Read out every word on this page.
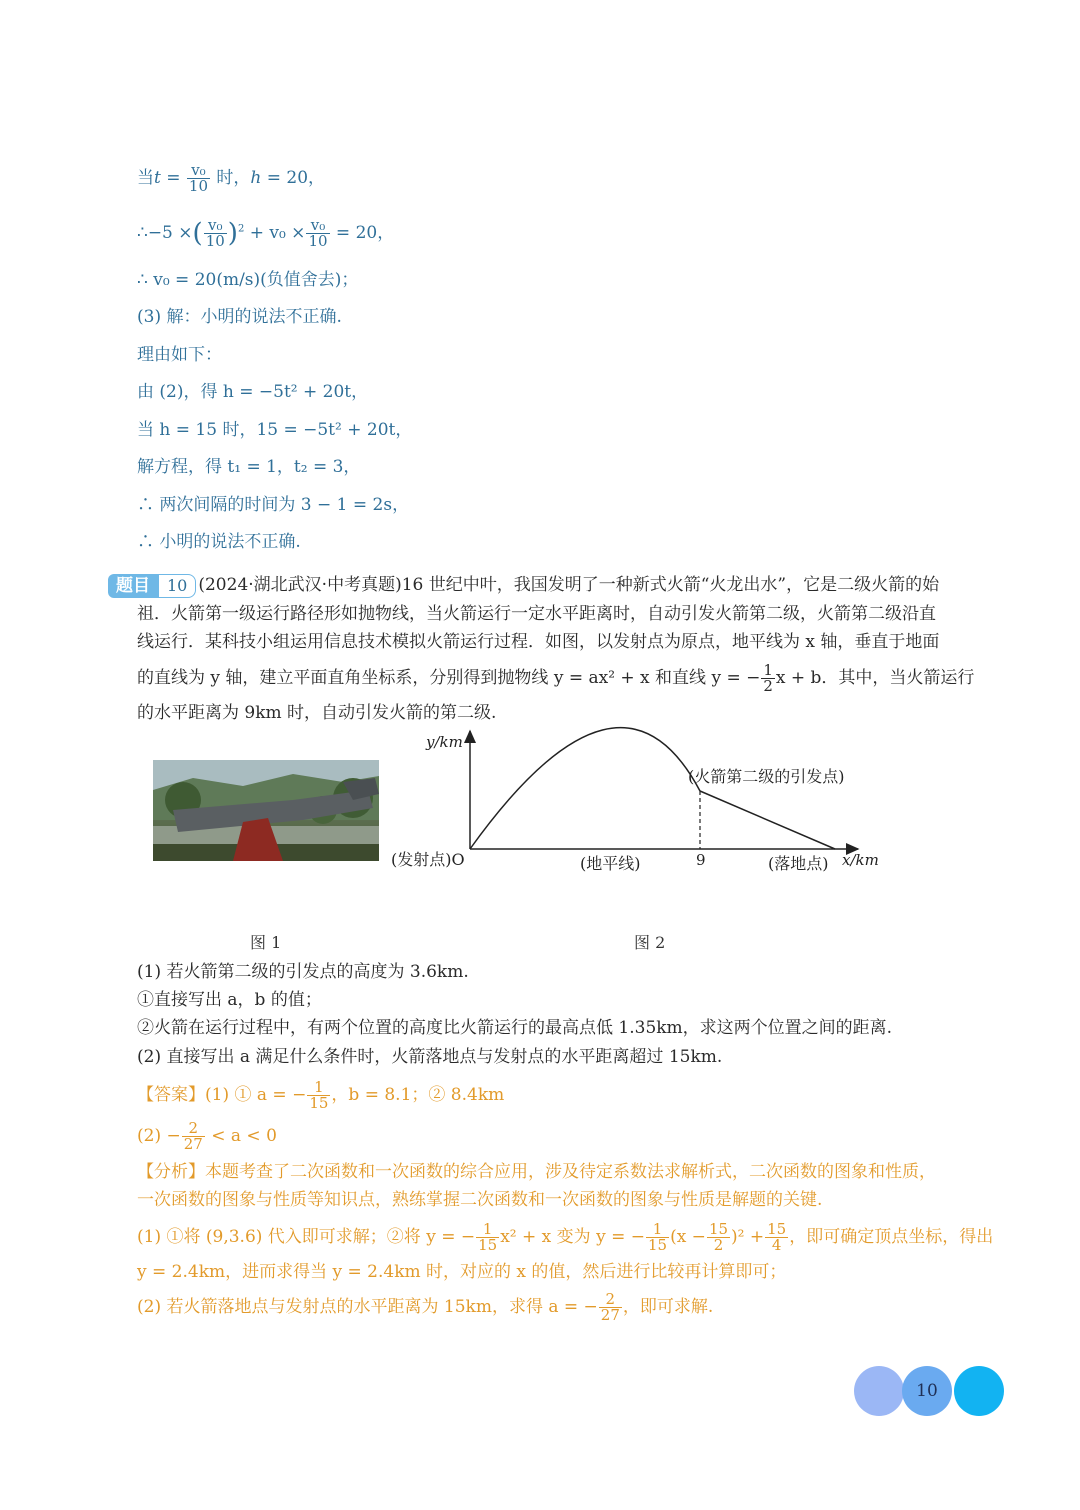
当$t = \frac{\text{v₀}}{10}$ 时，h = 20，
∴−5 ×( $\frac{\text{v₀}}{10} )^2 + v_0 \times \frac{\text{v₀}}{10} = 20$，
∴ v₀ = 20(m/s)(负值舍去)；
(3) 解：小明的说法不正确.
理由如下：
由 (2)，得 h = −5t² + 20t，
当 h = 15 时，15 = −5t² + 20t，
解方程，得 t₁ = 1，t₂ = 3，
∴ 两次间隔的时间为 3 − 1 = 2s，
∴ 小明的说法不正确.
题目 10 (2024·湖北武汉·中考真题)16 世纪中叶，我国发明了一种新式火箭“火龙出水”，它是二级火箭的始
祖．火箭第一级运行路径形如抛物线，当火箭运行一定水平距离时，自动引发火箭第二级，火箭第二级沿直
线运行．某科技小组运用信息技术模拟火箭运行过程．如图，以发射点为原点，地平线为 x 轴，垂直于地面
的直线为 y 轴，建立平面直角坐标系，分别得到抛物线 y = ax² + x 和直线 y = − $\frac{1}{2}$ x + b．其中，当火箭运行
的水平距离为 9km 时，自动引发火箭的第二级.
y/km
(发射点)O	(地平线)	9	(落地点) x/km
(火箭第二级的引发点)
图 1	图 2
(1) 若火箭第二级的引发点的高度为 3.6km.
①直接写出 a，b 的值；
②火箭在运行过程中，有两个位置的高度比火箭运行的最高点低 1.35km，求这两个位置之间的距离.
(2) 直接写出 a 满足什么条件时，火箭落地点与发射点的水平距离超过 15km.
【答案】(1) ① a = − $\frac{1}{15}$ ，b = 8.1；② 8.4km
$(2) - \frac{2}{27} < a < 0$
【分析】本题考查了二次函数和一次函数的综合应用，涉及待定系数法求解析式，二次函数的图象和性质，
一次函数的图象与性质等知识点，熟练掌握二次函数和一次函数的图象与性质是解题的关键.
(1) ①将 (9,3.6) 代入即可求解；②将 y = − $\frac{1}{15} x^2 + x$ 变为 y = − $\frac{1}{15} (x - \frac{15}{2} )^2 + \frac{15}{4}$ ，即可确定顶点坐标，得出
y = 2.4km，进而求得当 y = 2.4km 时，对应的 x 的值，然后进行比较再计算即可；
(2) 若火箭落地点与发射点的水平距离为 15km，求得 a = − $\frac{2}{27}$ ，即可求解.
10
